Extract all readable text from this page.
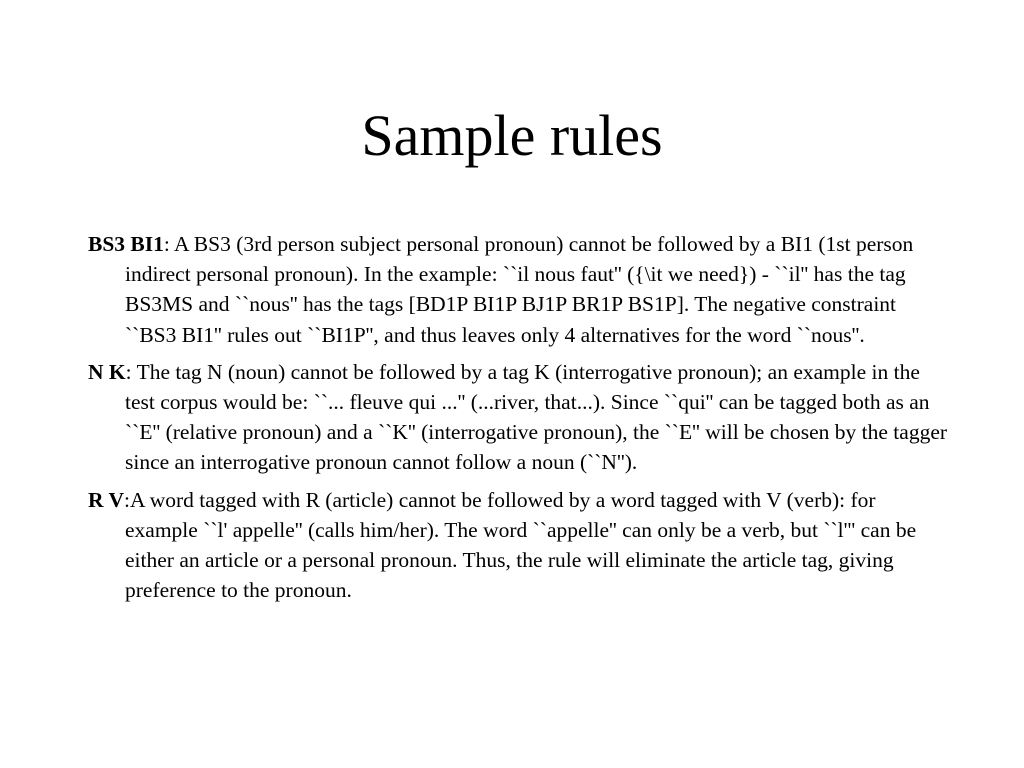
Sample rules
BS3 BI1: A BS3 (3rd person subject personal pronoun) cannot be followed by a BI1 (1st person indirect personal pronoun). In the example: ``il nous faut'' ({\it we need}) - ``il'' has the tag BS3MS and ``nous'' has the tags [BD1P BI1P BJ1P BR1P BS1P]. The negative constraint ``BS3 BI1'' rules out ``BI1P'', and thus leaves only 4 alternatives for the word ``nous''.
N K: The tag N (noun) cannot be followed by a tag K (interrogative pronoun); an example in the test corpus would be: ``... fleuve qui ...'' (...river, that...). Since ``qui'' can be tagged both as an ``E'' (relative pronoun) and a ``K'' (interrogative pronoun), the ``E'' will be chosen by the tagger since an interrogative pronoun cannot follow a noun (``N'').
R V:A word tagged with R (article) cannot be followed by a word tagged with V (verb): for example ``l' appelle'' (calls him/her). The word ``appelle'' can only be a verb, but ``l''' can be either an article or a personal pronoun. Thus, the rule will eliminate the article tag, giving preference to the pronoun.
